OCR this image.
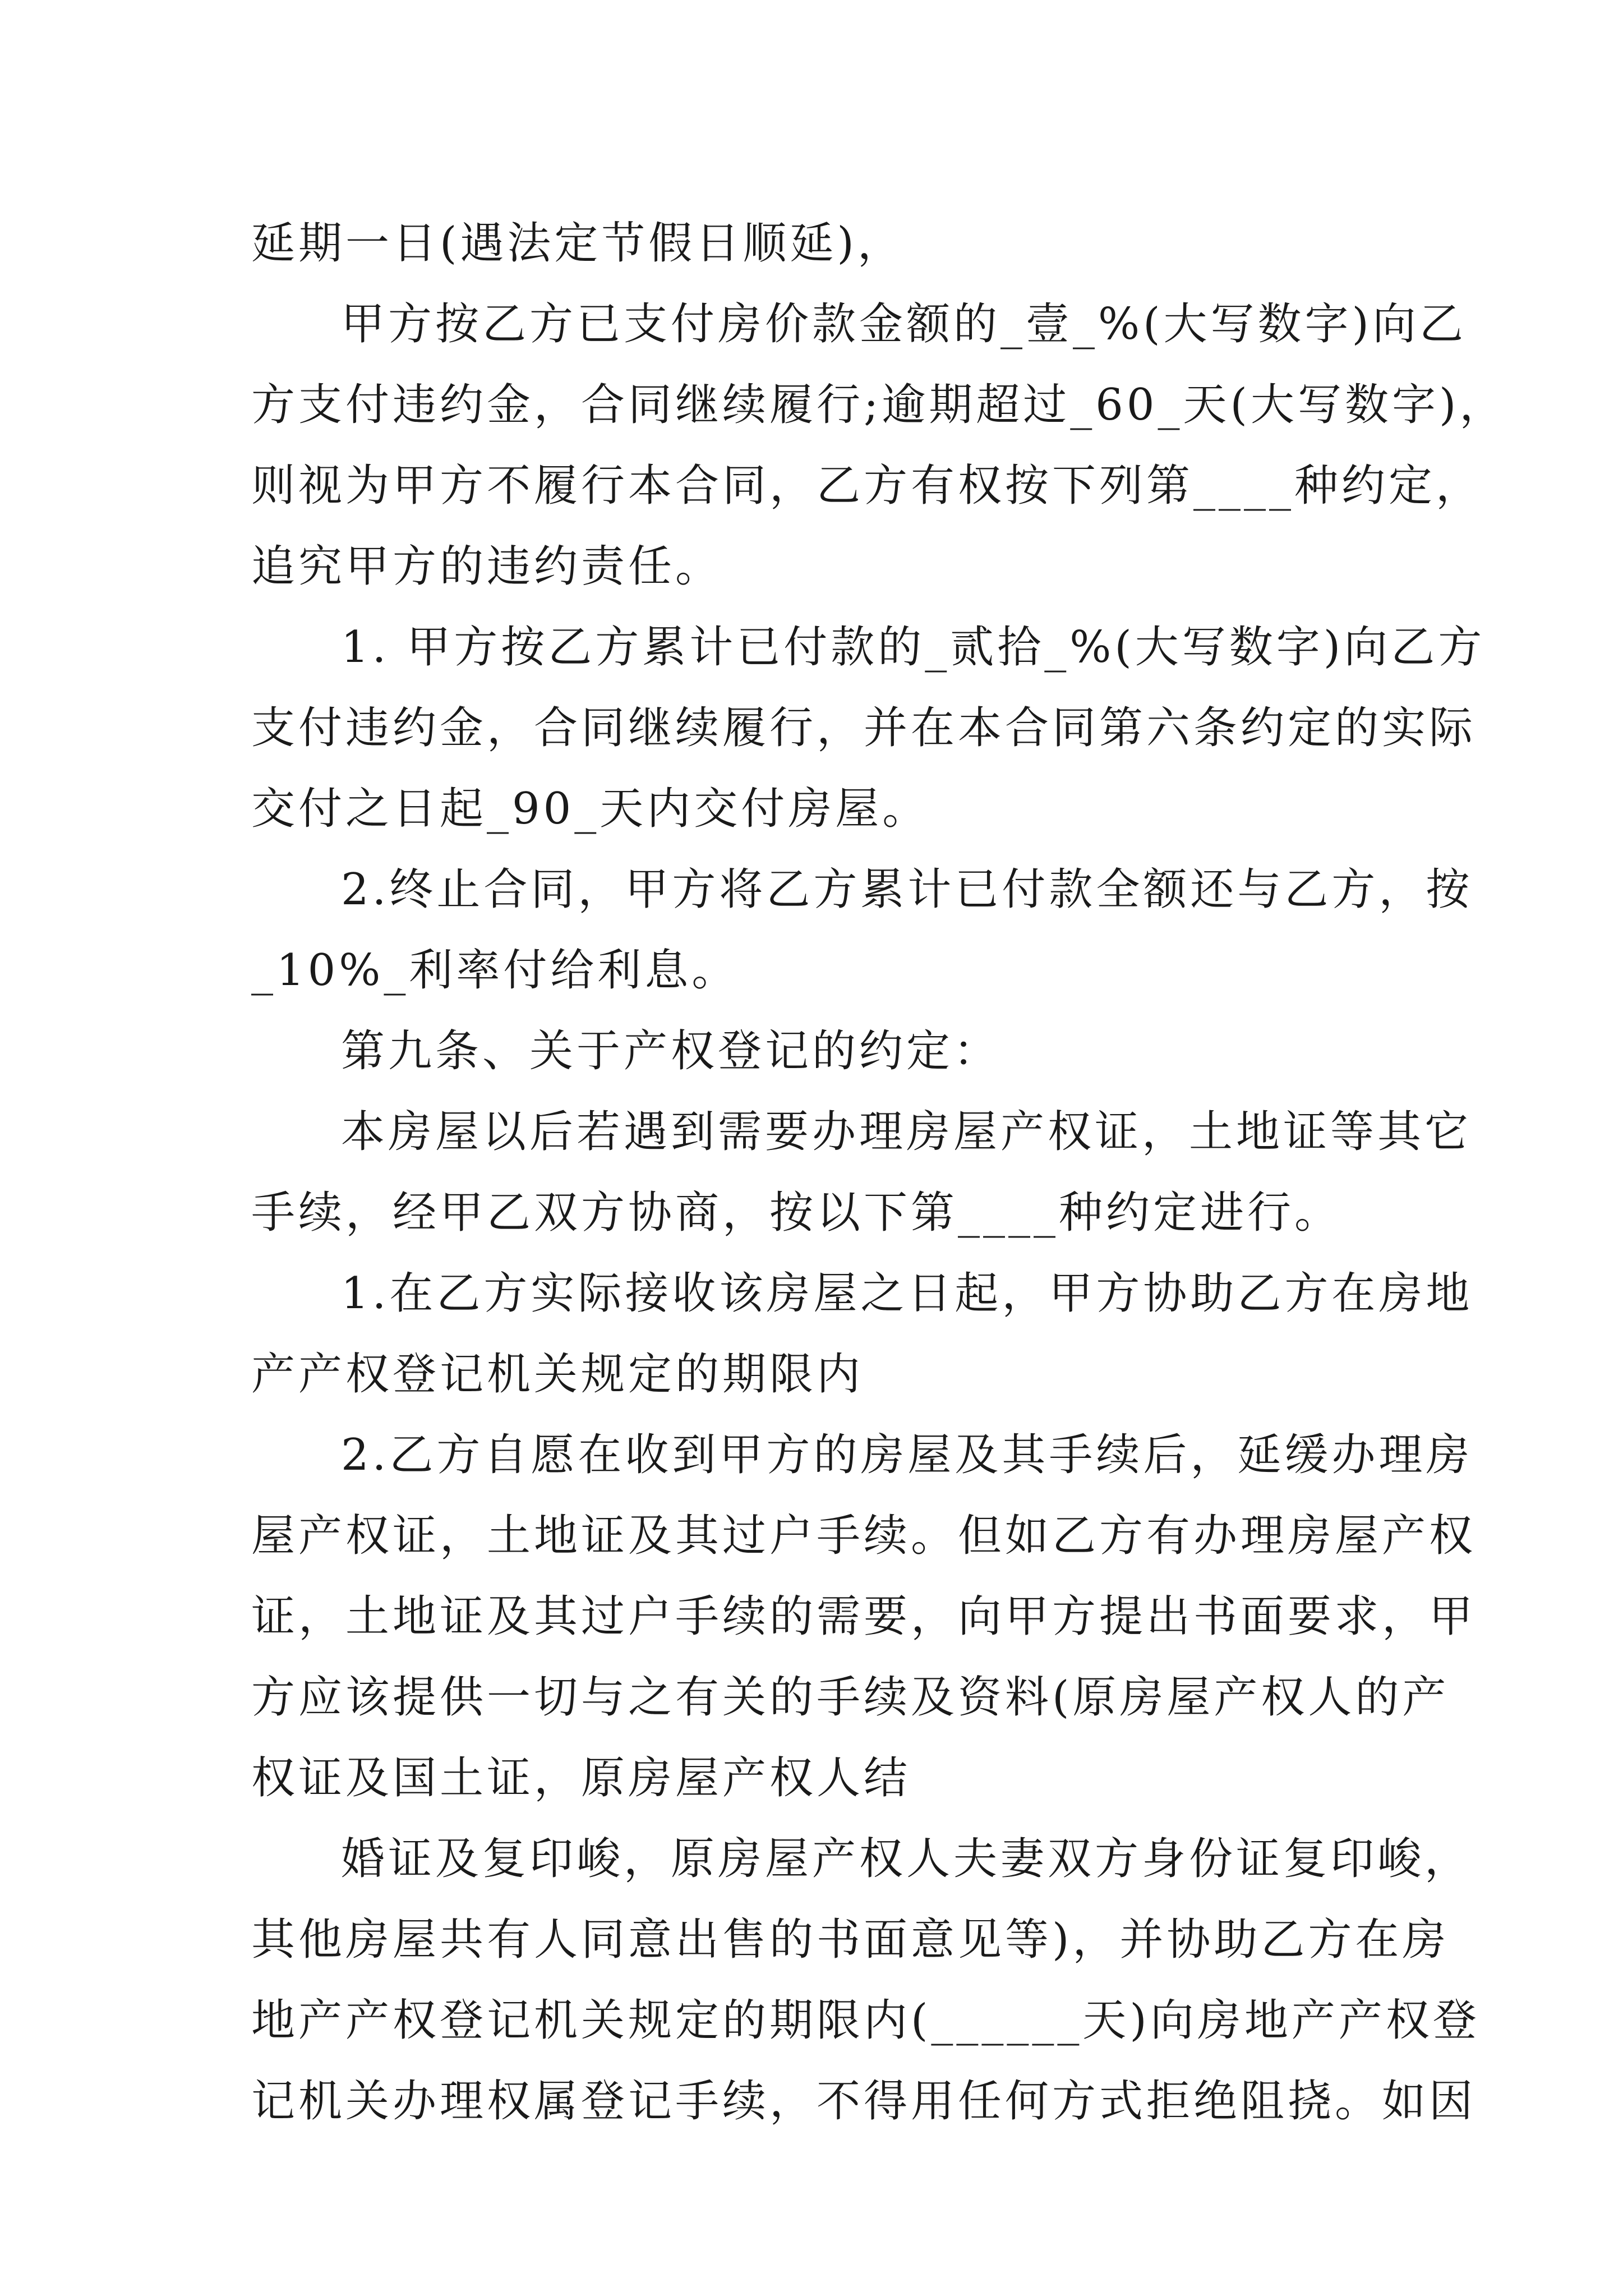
延期一日(遇法定节假日顺延)，
甲方按乙方已支付房价款金额的_壹_%(大写数字)向乙
方支付违约金，合同继续履行;逾期超过_60_天(大写数字)，
则视为甲方不履行本合同，乙方有权按下列第____种约定，
追究甲方的违约责任。
1. 甲方按乙方累计已付款的_贰拾_%(大写数字)向乙方
支付违约金，合同继续履行，并在本合同第六条约定的实际
交付之日起_90_天内交付房屋。
2.终止合同，甲方将乙方累计已付款全额还与乙方，按
_10%_利率付给利息。
第九条、关于产权登记的约定：
本房屋以后若遇到需要办理房屋产权证，土地证等其它
手续，经甲乙双方协商，按以下第____种约定进行。
1.在乙方实际接收该房屋之日起，甲方协助乙方在房地
产产权登记机关规定的期限内
2.乙方自愿在收到甲方的房屋及其手续后，延缓办理房
屋产权证，土地证及其过户手续。但如乙方有办理房屋产权
证，土地证及其过户手续的需要，向甲方提出书面要求，甲
方应该提供一切与之有关的手续及资料(原房屋产权人的产
权证及国土证，原房屋产权人结
婚证及复印峻，原房屋产权人夫妻双方身份证复印峻，
其他房屋共有人同意出售的书面意见等)，并协助乙方在房
地产产权登记机关规定的期限内(______天)向房地产产权登
记机关办理权属登记手续，不得用任何方式拒绝阻挠。如因
